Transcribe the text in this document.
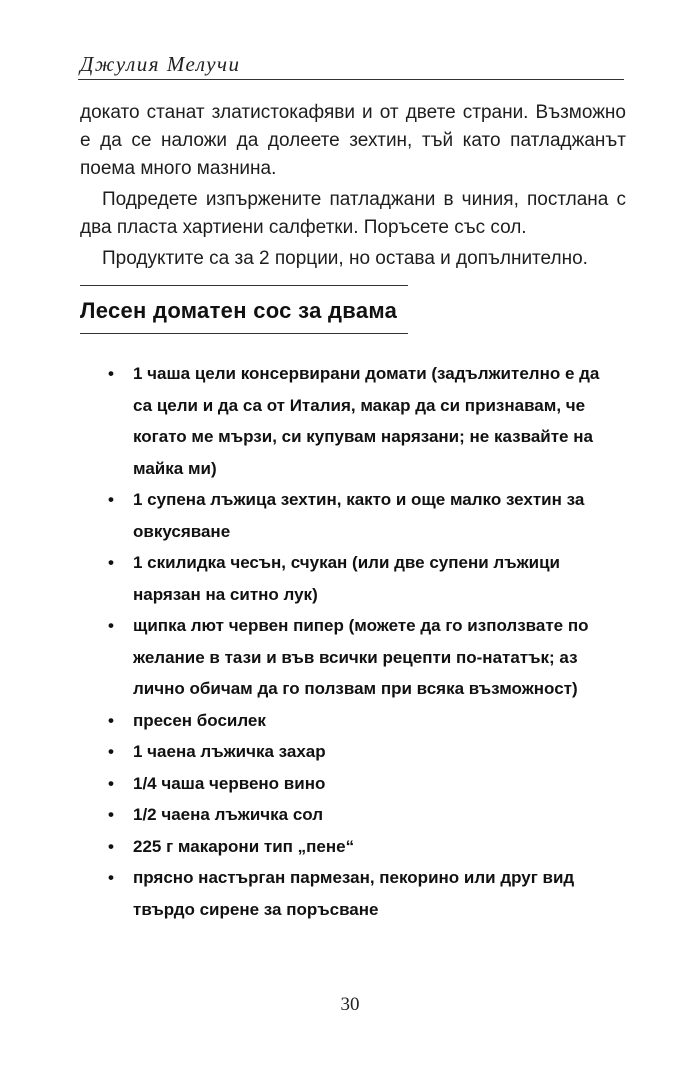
Джулия Мелучи

докато станат златистокафяви и от двете страни. Възможно е да се наложи да долеете зехтин, тъй като патладжанът поема много мазнина.

Подредете изпържените патладжани в чиния, постлана с два пласта хартиени салфетки. Поръсете със сол.

Продуктите са за 2 порции, но остава и допълнително.

Лесен доматен сос за двама
• 1 чаша цели консервирани домати (задължително е да са цели и да са от Италия, макар да си признавам, че когато ме мързи, си купувам нарязани; не казвайте на майка ми)
• 1 супена лъжица зехтин, както и още малко зехтин за овкусяване
• 1 скилидка чесън, счукан (или две супени лъжици нарязан на ситно лук)
• щипка лют червен пипер (можете да го използвате по желание в тази и във всички рецепти по-нататък; аз лично обичам да го ползвам при всяка възможност)
• пресен босилек
• 1 чаена лъжичка захар
• 1/4 чаша червено вино
• 1/2 чаена лъжичка сол
• 225 г макарони тип „пене“
• прясно настърган пармезан, пекорино или друг вид твърдо сирене за поръсване
30
